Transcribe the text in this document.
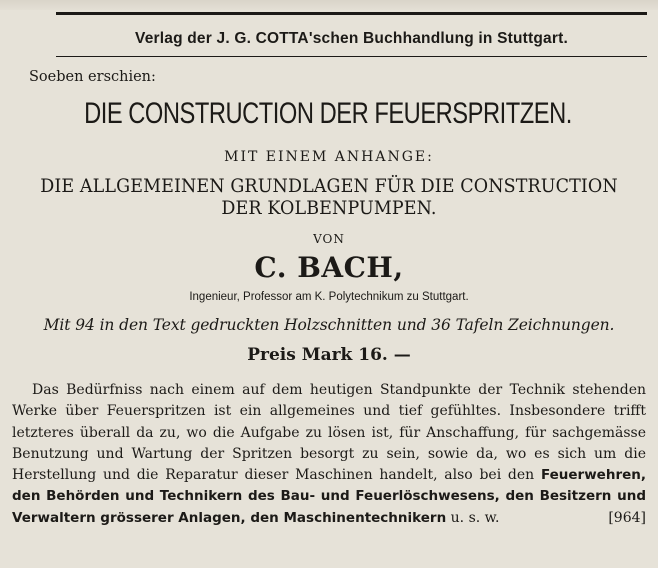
Verlag der J. G. COTTA'schen Buchhandlung in Stuttgart.
Soeben erschien:
DIE CONSTRUCTION DER FEUERSPRITZEN.
MIT EINEM ANHANGE:
DIE ALLGEMEINEN GRUNDLAGEN FÜR DIE CONSTRUCTION
DER KOLBENPUMPEN.
VON
C. BACH,
Ingenieur, Professor am K. Polytechnikum zu Stuttgart.
Mit 94 in den Text gedruckten Holzschnitten und 36 Tafeln Zeichnungen.
Preis Mark 16. —

Das Bedürfniss nach einem auf dem heutigen Standpunkte der Technik stehenden Werke über Feuerspritzen ist ein allgemeines und tief gefühltes. Insbesondere trifft letzteres überall da zu, wo die Aufgabe zu lösen ist, für Anschaffung, für sachgemässe Benutzung und Wartung der Spritzen besorgt zu sein, sowie da, wo es sich um die Herstellung und die Reparatur dieser Maschinen handelt, also bei den Feuerwehren, den Behörden und Technikern des Bau- und Feuerlöschwesens, den Besitzern und Verwaltern grösserer Anlagen, den Maschinentechnikern u. s. w.	[964]
